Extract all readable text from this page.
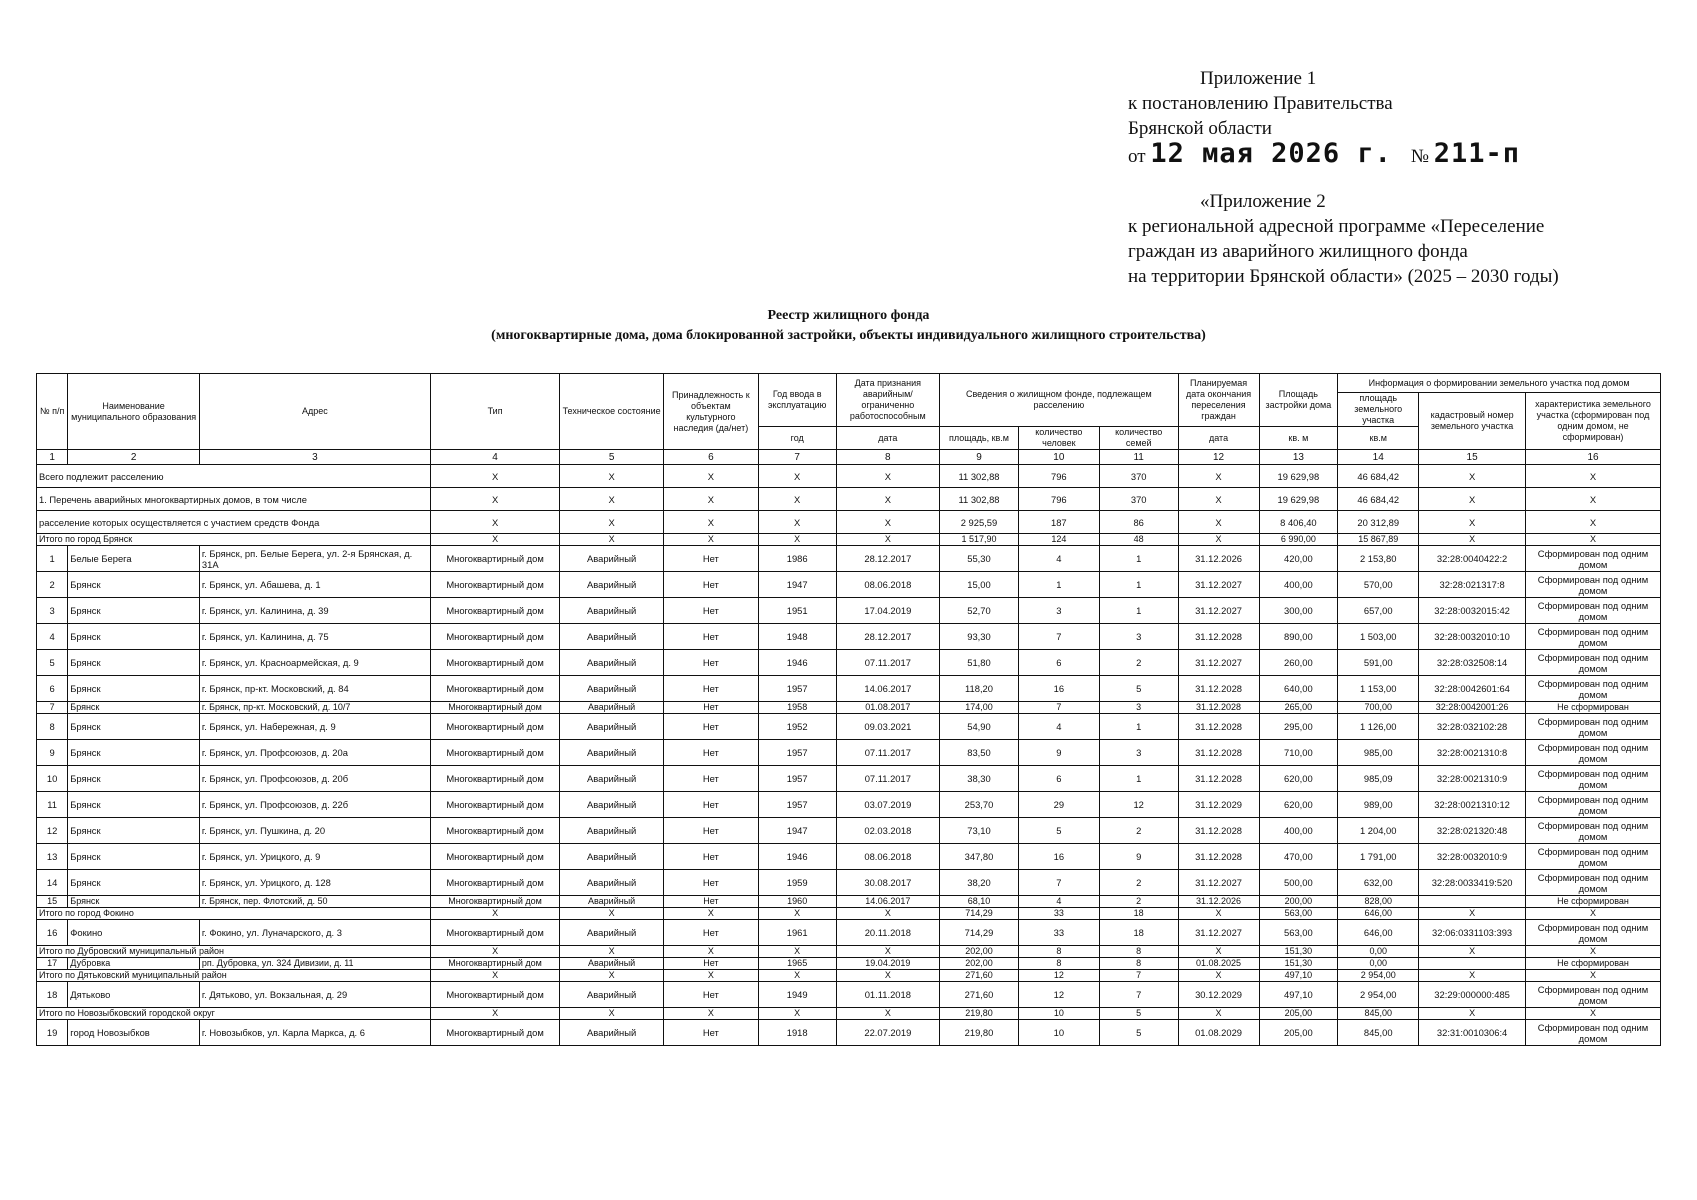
Приложение 1
к постановлению Правительства
Брянской области
от 12 мая 2026 г. № 211-п
«Приложение 2
к региональной адресной программе «Переселение
граждан из аварийного жилищного фонда
на территории Брянской области» (2025 – 2030 годы)
Реестр жилищного фонда
(многоквартирные дома, дома блокированной застройки, объекты индивидуального жилищного строительства)
№ п/п	Наименование муниципального образования	Адрес	Тип	Техническое состояние	Принадлежность к объектам культурного наследия (да/нет)	Год ввода в эксплуатацию	Дата признания аварийным/ограниченно работоспособным	Сведения о жилищном фонде, подлежащем расселению			Планируемая дата окончания переселения граждан	Площадь застройки дома	Информация о формировании земельного участка под домом		
													площадь земельного участка	кадастровый номер земельного участка	характеристика земельного участка (сформирован под одним домом, не сформирован)
						год	дата	площадь, кв.м	количество человек	количество семей	дата	кв. м	кв.м		
1	2	3	4	5	6	7	8	9	10	11	12	13	14	15	16
Всего подлежит расселению			Х	Х	Х	Х	Х	11 302,88	796	370	Х	19 629,98	46 684,42	Х	Х
1. Перечень аварийных многоквартирных домов, в том числе			Х	Х	Х	Х	Х	11 302,88	796	370	Х	19 629,98	46 684,42	Х	Х
расселение которых осуществляется с участием средств Фонда			Х	Х	Х	Х	Х	2 925,59	187	86	Х	8 406,40	20 312,89	Х	Х
Итого по город Брянск			Х	Х	Х	Х	Х	1 517,90	124	48	Х	6 990,00	15 867,89	Х	Х
1	Белые Берега	г. Брянск, рп. Белые Берега, ул. 2-я Брянская, д. 31А	Многоквартирный дом	Аварийный	Нет	1986	28.12.2017	55,30	4	1	31.12.2026	420,00	2 153,80	32:28:0040422:2	Сформирован под одним домом
2	Брянск	г. Брянск, ул. Абашева, д. 1	Многоквартирный дом	Аварийный	Нет	1947	08.06.2018	15,00	1	1	31.12.2027	400,00	570,00	32:28:021317:8	Сформирован под одним домом
3	Брянск	г. Брянск, ул. Калинина, д. 39	Многоквартирный дом	Аварийный	Нет	1951	17.04.2019	52,70	3	1	31.12.2027	300,00	657,00	32:28:0032015:42	Сформирован под одним домом
4	Брянск	г. Брянск, ул. Калинина, д. 75	Многоквартирный дом	Аварийный	Нет	1948	28.12.2017	93,30	7	3	31.12.2028	890,00	1 503,00	32:28:0032010:10	Сформирован под одним домом
5	Брянск	г. Брянск, ул. Красноармейская, д. 9	Многоквартирный дом	Аварийный	Нет	1946	07.11.2017	51,80	6	2	31.12.2027	260,00	591,00	32:28:032508:14	Сформирован под одним домом
6	Брянск	г. Брянск, пр-кт. Московский, д. 84	Многоквартирный дом	Аварийный	Нет	1957	14.06.2017	118,20	16	5	31.12.2028	640,00	1 153,00	32:28:0042601:64	Сформирован под одним домом
7	Брянск	г. Брянск, пр-кт. Московский, д. 10/7	Многоквартирный дом	Аварийный	Нет	1958	01.08.2017	174,00	7	3	31.12.2028	265,00	700,00	32:28:0042001:26	Не сформирован
8	Брянск	г. Брянск, ул. Набережная, д. 9	Многоквартирный дом	Аварийный	Нет	1952	09.03.2021	54,90	4	1	31.12.2028	295,00	1 126,00	32:28:032102:28	Сформирован под одним домом
9	Брянск	г. Брянск, ул. Профсоюзов, д. 20а	Многоквартирный дом	Аварийный	Нет	1957	07.11.2017	83,50	9	3	31.12.2028	710,00	985,00	32:28:0021310:8	Сформирован под одним домом
10	Брянск	г. Брянск, ул. Профсоюзов, д. 20б	Многоквартирный дом	Аварийный	Нет	1957	07.11.2017	38,30	6	1	31.12.2028	620,00	985,09	32:28:0021310:9	Сформирован под одним домом
11	Брянск	г. Брянск, ул. Профсоюзов, д. 22б	Многоквартирный дом	Аварийный	Нет	1957	03.07.2019	253,70	29	12	31.12.2029	620,00	989,00	32:28:0021310:12	Сформирован под одним домом
12	Брянск	г. Брянск, ул. Пушкина, д. 20	Многоквартирный дом	Аварийный	Нет	1947	02.03.2018	73,10	5	2	31.12.2028	400,00	1 204,00	32:28:021320:48	Сформирован под одним домом
13	Брянск	г. Брянск, ул. Урицкого, д. 9	Многоквартирный дом	Аварийный	Нет	1946	08.06.2018	347,80	16	9	31.12.2028	470,00	1 791,00	32:28:0032010:9	Сформирован под одним домом
14	Брянск	г. Брянск, ул. Урицкого, д. 128	Многоквартирный дом	Аварийный	Нет	1959	30.08.2017	38,20	7	2	31.12.2027	500,00	632,00	32:28:0033419:520	Сформирован под одним домом
15	Брянск	г. Брянск, пер. Флотский, д. 50	Многоквартирный дом	Аварийный	Нет	1960	14.06.2017	68,10	4	2	31.12.2026	200,00	828,00		Не сформирован
Итого по город Фокино			Х	Х	Х	Х	Х	714,29	33	18	Х	563,00	646,00	Х	Х
16	Фокино	г. Фокино, ул. Луначарского, д. 3	Многоквартирный дом	Аварийный	Нет	1961	20.11.2018	714,29	33	18	31.12.2027	563,00	646,00	32:06:0331103:393	Сформирован под одним домом
Итого по Дубровский муниципальный район			Х	Х	Х	Х	Х	202,00	8	8	Х	151,30	0,00	Х	Х
17	Дубровка	рп. Дубровка, ул. 324 Дивизии, д. 11	Многоквартирный дом	Аварийный	Нет	1965	19.04.2019	202,00	8	8	01.08.2025	151,30	0,00		Не сформирован
Итого по Дятьковский муниципальный район			Х	Х	Х	Х	Х	271,60	12	7	Х	497,10	2 954,00	Х	Х
18	Дятьково	г. Дятьково, ул. Вокзальная, д. 29	Многоквартирный дом	Аварийный	Нет	1949	01.11.2018	271,60	12	7	30.12.2029	497,10	2 954,00	32:29:000000:485	Сформирован под одним домом
Итого по Новозыбковский городской округ			Х	Х	Х	Х	Х	219,80	10	5	Х	205,00	845,00	Х	Х
19	город Новозыбков	г. Новозыбков, ул. Карла Маркса, д. 6	Многоквартирный дом	Аварийный	Нет	1918	22.07.2019	219,80	10	5	01.08.2029	205,00	845,00	32:31:0010306:4	Сформирован под одним домом
